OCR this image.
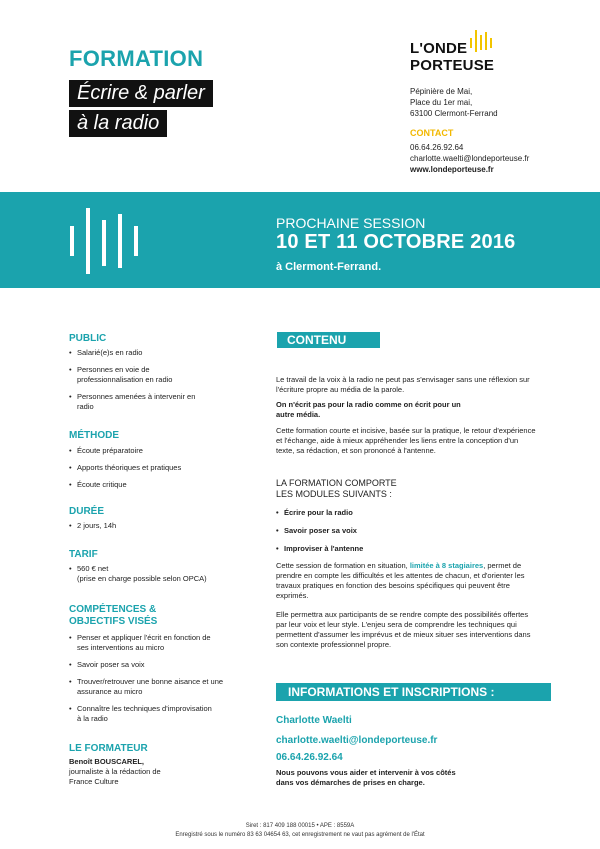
FORMATION
Écrire & parler
à la radio
L'ONDE
PORTEUSE
Pépinière de Mai,
Place du 1er mai,
63100 Clermont-Ferrand
CONTACT
06.64.26.92.64
charlotte.waelti@londeporteuse.fr
www.londeporteuse.fr
PROCHAINE SESSION
10 ET 11 OCTOBRE 2016
à Clermont-Ferrand.
PUBLIC
• Salarié(e)s en radio
• Personnes en voie de professionnalisation en radio
• Personnes amenées à intervenir en radio
MÉTHODE
• Écoute préparatoire
• Apports théoriques et pratiques
• Écoute critique
DURÉE
• 2 jours, 14h
TARIF
• 560 € net
(prise en charge possible selon OPCA)
COMPÉTENCES &
OBJECTIFS VISÉS
• Penser et appliquer l'écrit en fonction de ses interventions au micro
• Savoir poser sa voix
• Trouver/retrouver une bonne aisance et une assurance au micro
• Connaître les techniques d'improvisation à la radio
LE FORMATEUR
Benoît BOUSCAREL,
journaliste à la rédaction de
France Culture
CONTENU
Le travail de la voix à la radio ne peut pas s'envisager sans une réflexion sur l'écriture propre au média de la parole.
On n'écrit pas pour la radio comme on écrit pour un autre média.
Cette formation courte et incisive, basée sur la pratique, le retour d'expérience et l'échange, aide à mieux appréhender les liens entre la conception d'un texte, sa rédaction, et son prononcé à l'antenne.
LA FORMATION COMPORTE
LES MODULES SUIVANTS :
• Écrire pour la radio
• Savoir poser sa voix
• Improviser à l'antenne
Cette session de formation en situation, limitée à 8 stagiaires, permet de prendre en compte les difficultés et les attentes de chacun, et d'orienter les travaux pratiques en fonction des besoins spécifiques qui peuvent être exprimés.
Elle permettra aux participants de se rendre compte des possibilités offertes par leur voix et leur style. L'enjeu sera de comprendre les techniques qui permettent d'assumer les imprévus et de mieux situer ses interventions dans son contexte professionnel propre.
INFORMATIONS ET INSCRIPTIONS :
Charlotte Waelti
charlotte.waelti@londeporteuse.fr
06.64.26.92.64
Nous pouvons vous aider et intervenir à vos côtés
dans vos démarches de prises en charge.
Siret : 817 409 188 00015 • APE : 8559A
Enregistré sous le numéro 83 63 04654 63, cet enregistrement ne vaut pas agrément de l'État
